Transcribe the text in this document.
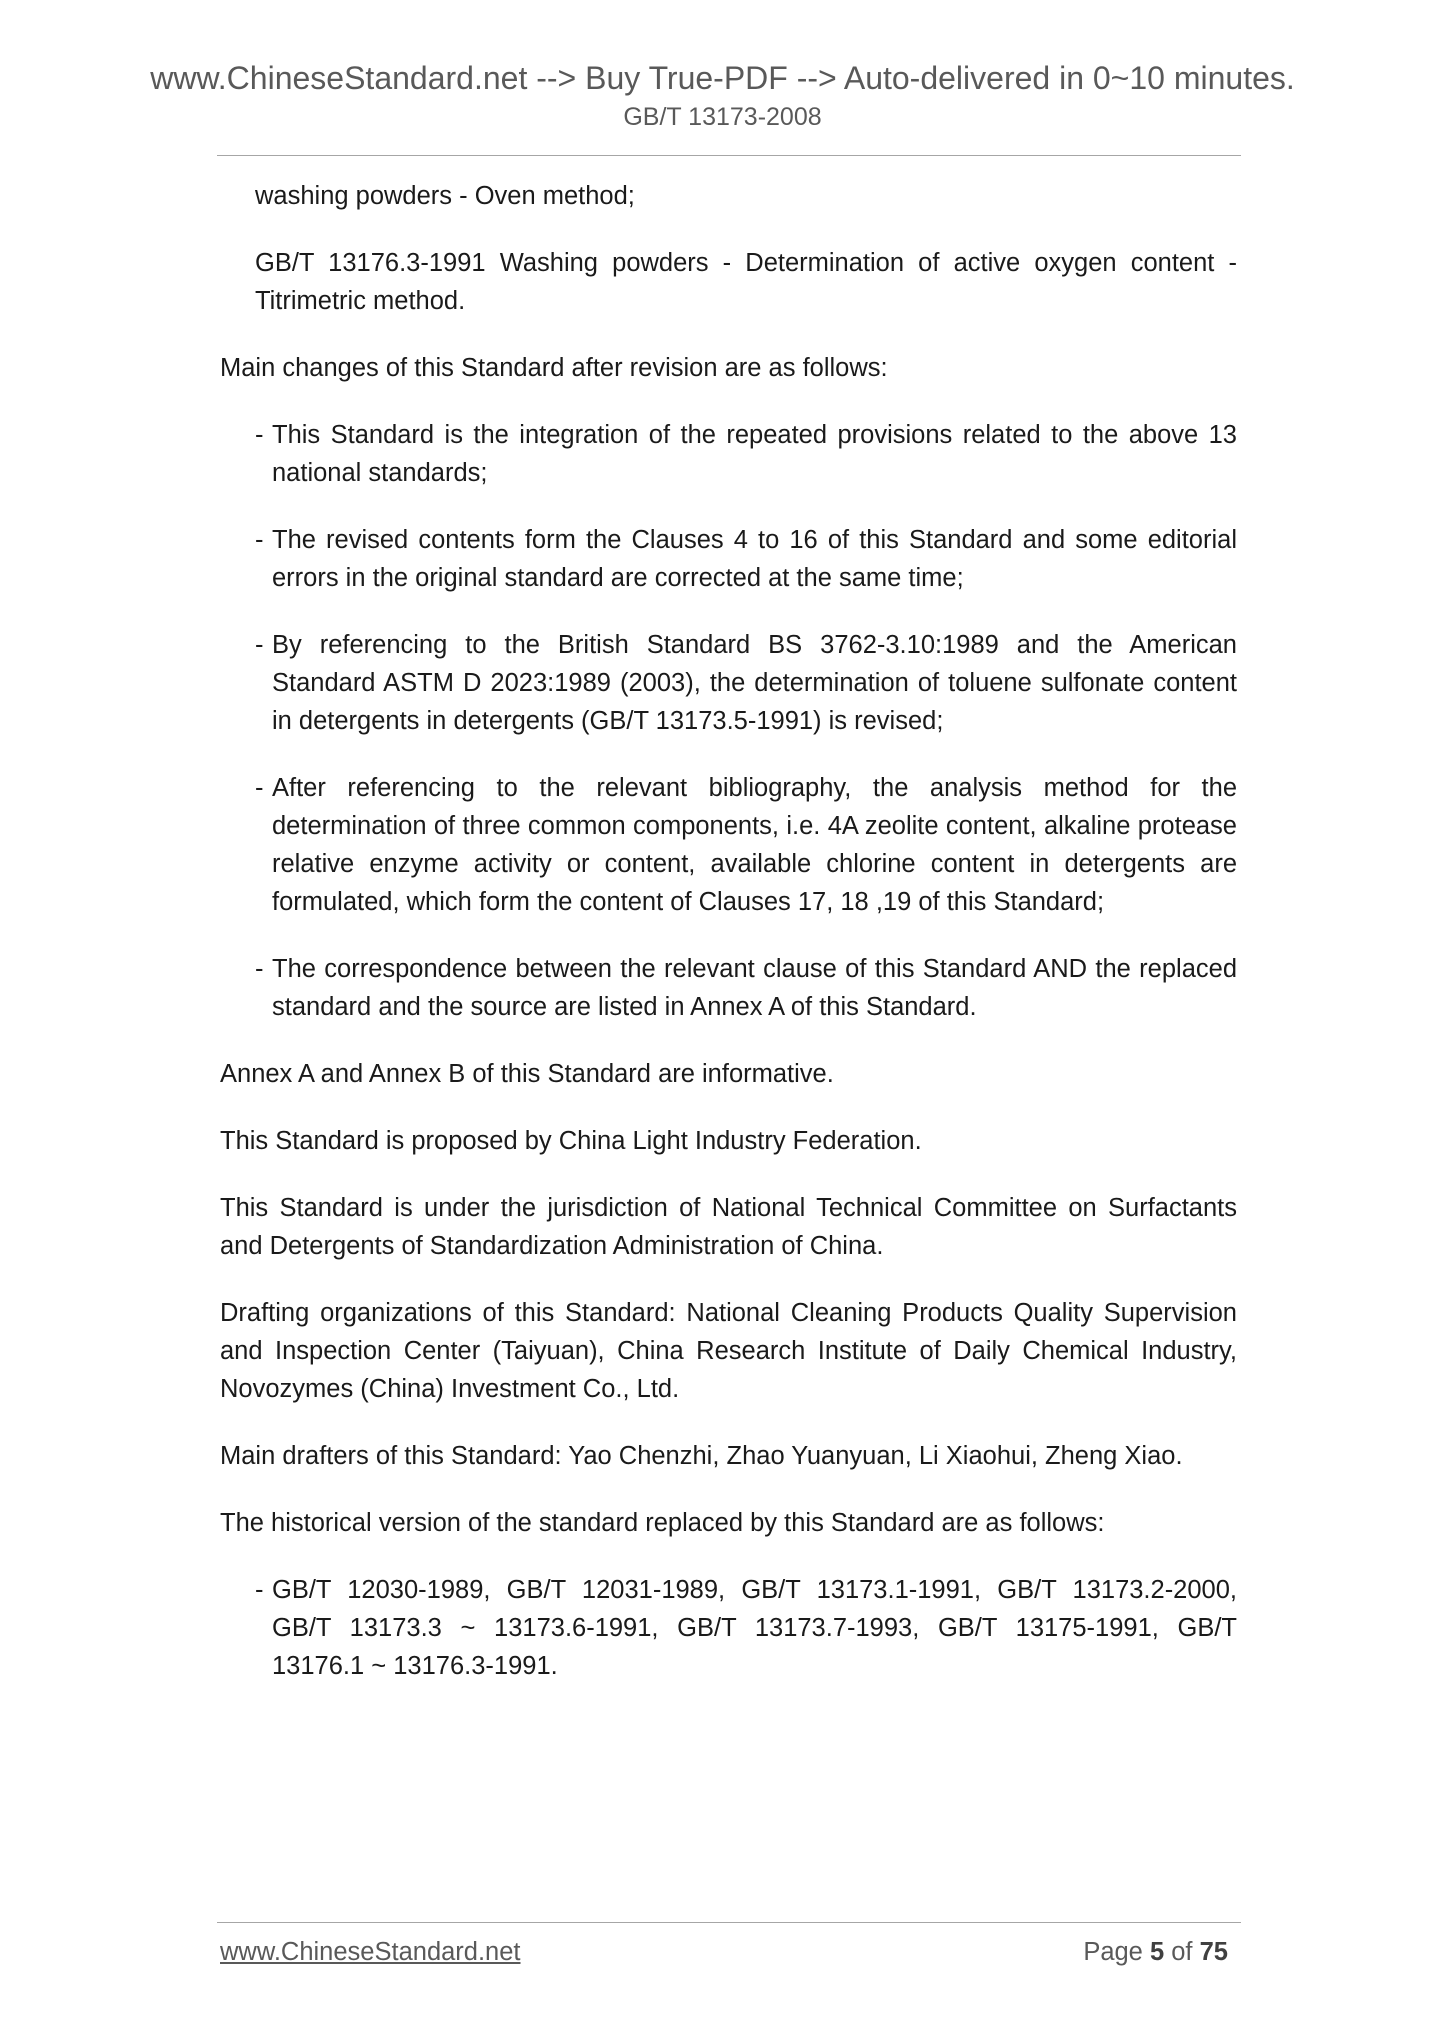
www.ChineseStandard.net --> Buy True-PDF --> Auto-delivered in 0~10 minutes.
GB/T 13173-2008

washing powders - Oven method;

GB/T 13176.3-1991 Washing powders - Determination of active oxygen content - Titrimetric method.

Main changes of this Standard after revision are as follows:

- This Standard is the integration of the repeated provisions related to the above 13 national standards;
- The revised contents form the Clauses 4 to 16 of this Standard and some editorial errors in the original standard are corrected at the same time;
- By referencing to the British Standard BS 3762-3.10:1989 and the American Standard ASTM D 2023:1989 (2003), the determination of toluene sulfonate content in detergents in detergents (GB/T 13173.5-1991) is revised;
- After referencing to the relevant bibliography, the analysis method for the determination of three common components, i.e. 4A zeolite content, alkaline protease relative enzyme activity or content, available chlorine content in detergents are formulated, which form the content of Clauses 17, 18 ,19 of this Standard;
- The correspondence between the relevant clause of this Standard AND the replaced standard and the source are listed in Annex A of this Standard.

Annex A and Annex B of this Standard are informative.

This Standard is proposed by China Light Industry Federation.

This Standard is under the jurisdiction of National Technical Committee on Surfactants and Detergents of Standardization Administration of China.

Drafting organizations of this Standard: National Cleaning Products Quality Supervision and Inspection Center (Taiyuan), China Research Institute of Daily Chemical Industry, Novozymes (China) Investment Co., Ltd.

Main drafters of this Standard: Yao Chenzhi, Zhao Yuanyuan, Li Xiaohui, Zheng Xiao.

The historical version of the standard replaced by this Standard are as follows:

- GB/T 12030-1989, GB/T 12031-1989, GB/T 13173.1-1991, GB/T 13173.2-2000, GB/T 13173.3 ~ 13173.6-1991, GB/T 13173.7-1993, GB/T 13175-1991, GB/T 13176.1 ~ 13176.3-1991.
www.ChineseStandard.net	Page 5 of 75
